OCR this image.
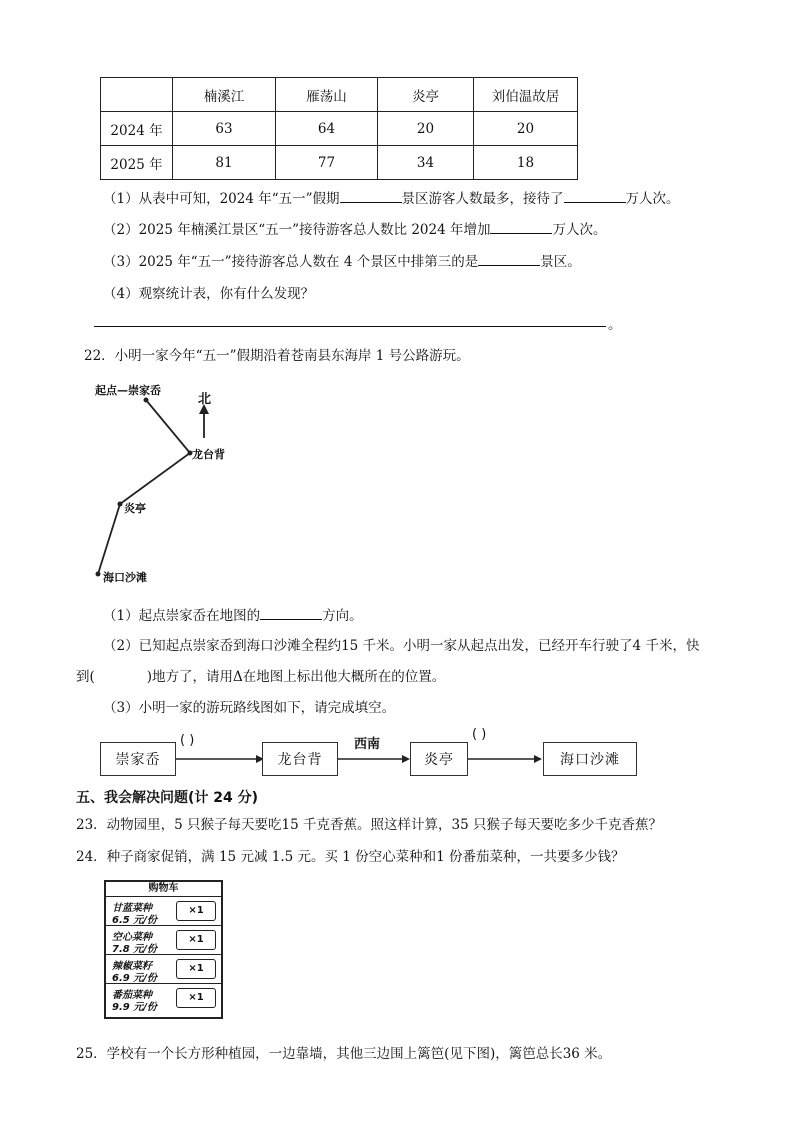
	楠溪江	雁荡山	炎亭	刘伯温故居
2024 年	63	64	20	20
2025 年	81	77	34	18
（1）从表中可知，2024 年“五一”假期	景区游客人数最多，接待了	万人次。
（2）2025 年楠溪江景区“五一”接待游客总人数比 2024 年增加	万人次。
（3）2025 年“五一”接待游客总人数在 4 个景区中排第三的是	景区。
（4）观察统计表，你有什么发现？
。
22．小明一家今年“五一”假期沿着苍南县东海岸 1 号公路游玩。
起点—崇家岙
北
龙台背
炎亭
海口沙滩
（1）起点崇家岙在地图的	方向。
（2）已知起点崇家岙到海口沙滩全程约15 千米。小明一家从起点出发，已经开车行驶了4 千米，快
到(	)地方了，请用Δ在地图上标出他大概所在的位置。
（3）小明一家的游玩路线图如下，请完成填空。
崇家岙	龙台背	炎亭	海口沙滩
( )	西南
( )
五、我会解决问题(计 24 分)
23．动物园里，5 只猴子每天要吃15 千克香蕉。照这样计算，35 只猴子每天要吃多少千克香蕉？
24．种子商家促销，满 15 元减 1.5 元。买 1 份空心菜种和1 份番茄菜种，一共要多少钱？
购物车
甘蓝菜种
6.5 元/份
×1
空心菜种
7.8 元/份
×1
辣椒菜籽
6.9 元/份
×1
番茄菜种
9.9 元/份
×1
25．学校有一个长方形种植园，一边靠墙，其他三边围上篱笆(见下图)，篱笆总长36 米。
